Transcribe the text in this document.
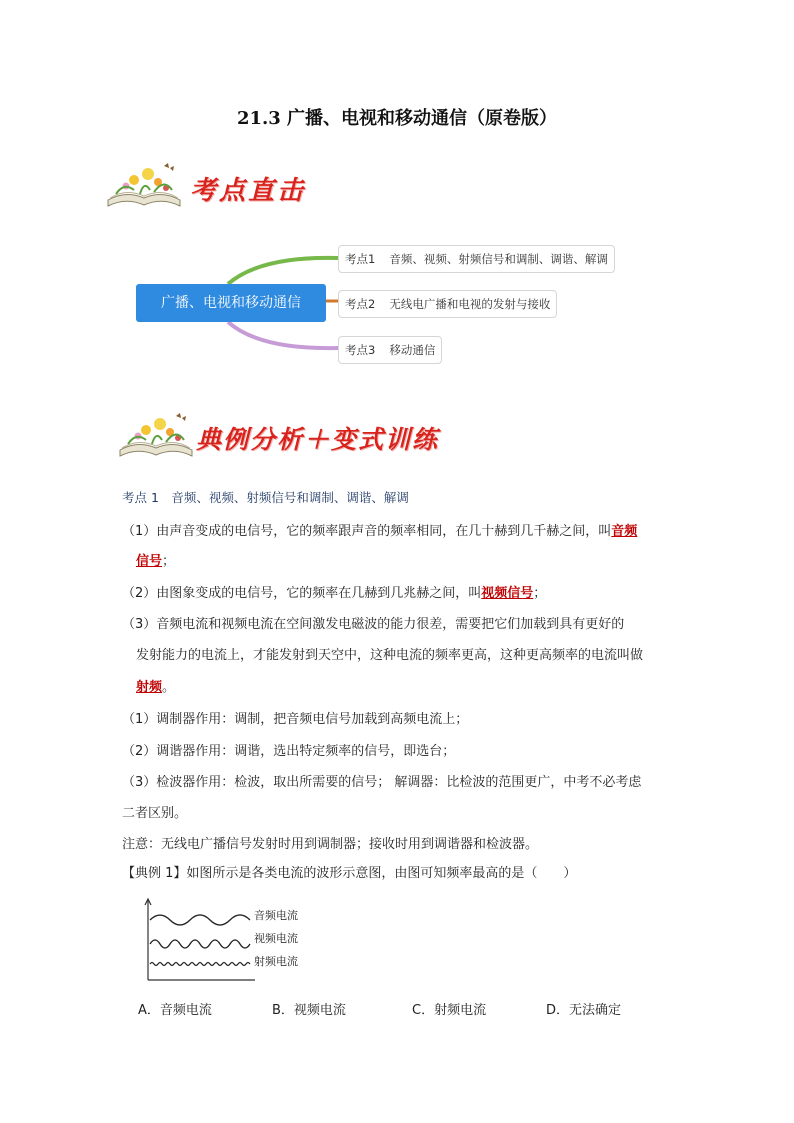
21.3 广播、电视和移动通信（原卷版）
考点直击
广播、电视和移动通信
考点1 音频、视频、射频信号和调制、调谐、解调
考点2 无线电广播和电视的发射与接收
考点3 移动通信
典例分析＋变式训练
考点 1　音频、视频、射频信号和调制、调谐、解调
（1）由声音变成的电信号，它的频率跟声音的频率相同，在几十赫到几千赫之间，叫音频
信号；
（2）由图象变成的电信号，它的频率在几赫到几兆赫之间，叫视频信号；
（3）音频电流和视频电流在空间激发电磁波的能力很差，需要把它们加载到具有更好的
发射能力的电流上，才能发射到天空中，这种电流的频率更高，这种更高频率的电流叫做
射频。
（1）调制器作用：调制，把音频电信号加载到高频电流上；
（2）调谐器作用：调谐，选出特定频率的信号，即选台；
（3）检波器作用：检波，取出所需要的信号； 解调器：比检波的范围更广，中考不必考虑
二者区别。
注意：无线电广播信号发射时用到调制器；接收时用到调谐器和检波器。
【典例 1】如图所示是各类电流的波形示意图，由图可知频率最高的是（　　）
音频电流
视频电流
射频电流
A．音频电流	B．视频电流	C．射频电流	D．无法确定
